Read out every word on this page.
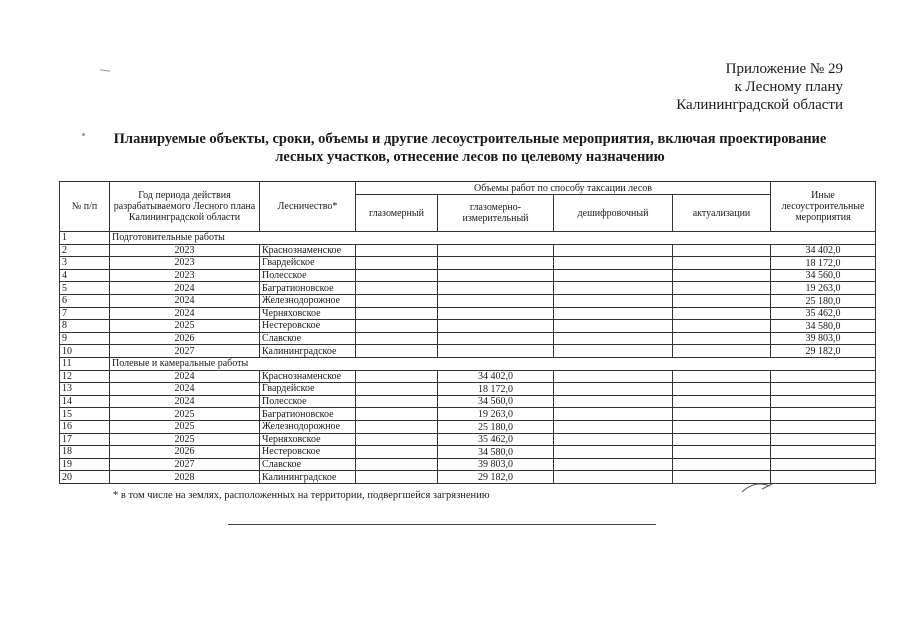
Приложение № 29
к Лесному плану
Калининградской области
Планируемые объекты, сроки, объемы и другие лесоустроительные мероприятия, включая проектирование
лесных участков, отнесение лесов по целевому назначению
№ п/п	Год периода действия разрабатываемого Лесного плана Калининградской области	Лесничество*	Объемы работ по способу таксации лесов				Иные лесоустроительные мероприятия
			глазомерный	глазомерно-измерительный	дешифровочный	актуализации	
1	Подготовительные работы						
2	2023	Краснознаменское					34 402,0
3	2023	Гвардейское					18 172,0
4	2023	Полесское					34 560,0
5	2024	Багратионовское					19 263,0
6	2024	Железнодорожное					25 180,0
7	2024	Черняховское					35 462,0
8	2025	Нестеровское					34 580,0
9	2026	Славское					39 803,0
10	2027	Калининградское					29 182,0
11	Полевые и камеральные работы						
12	2024	Краснознаменское		34 402,0			
13	2024	Гвардейское		18 172,0			
14	2024	Полесское		34 560,0			
15	2025	Багратионовское		19 263,0			
16	2025	Железнодорожное		25 180,0			
17	2025	Черняховское		35 462,0			
18	2026	Нестеровское		34 580,0			
19	2027	Славское		39 803,0			
20	2028	Калининградское		29 182,0			
* в том числе на землях, расположенных на территории, подвергшейся загрязнению
